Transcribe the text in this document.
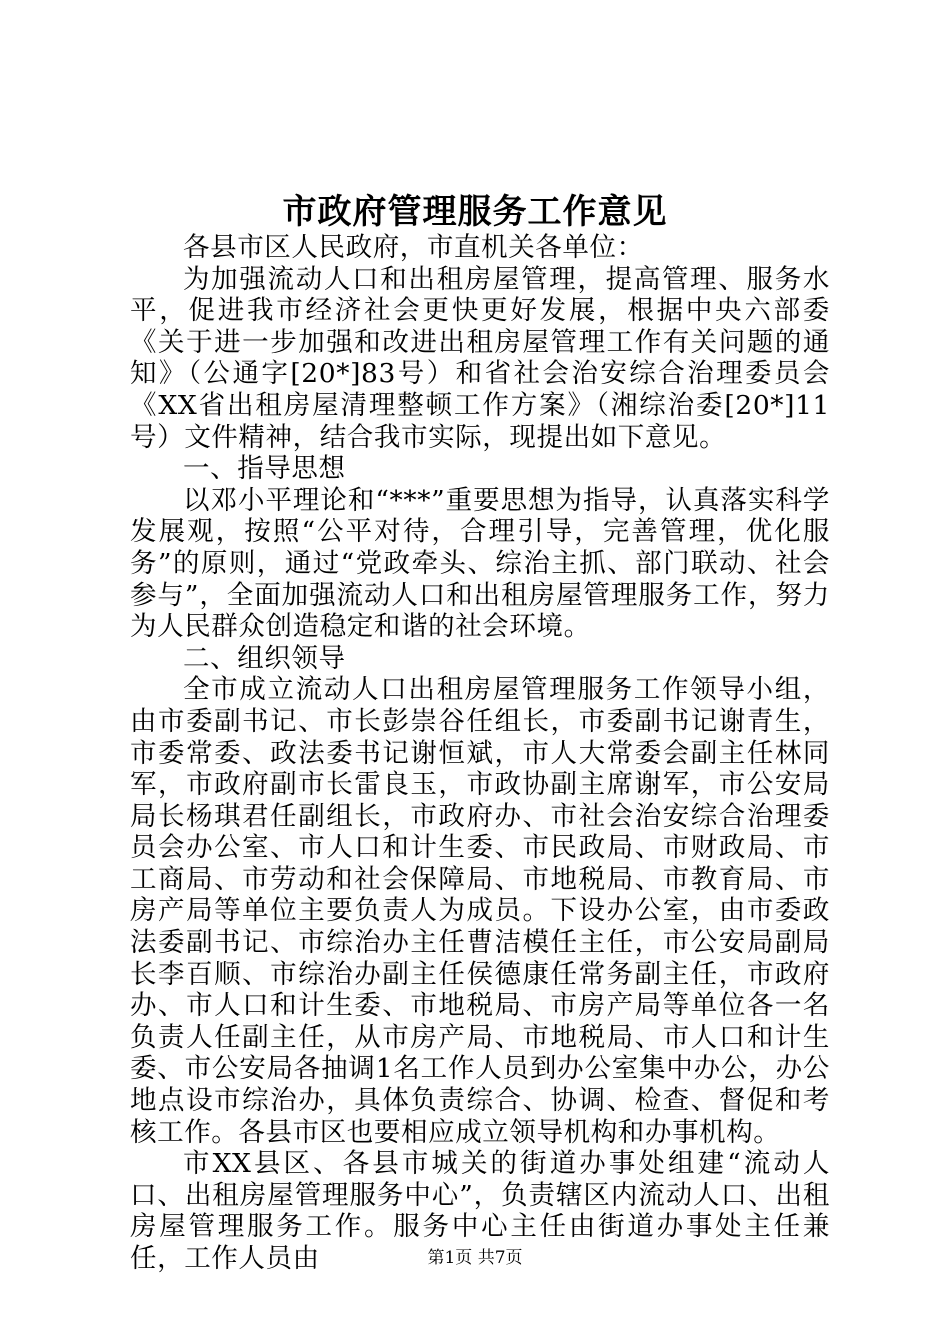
市政府管理服务工作意见

各县市区人民政府，市直机关各单位：

为加强流动人口和出租房屋管理，提高管理、服务水平，促进我市经济社会更快更好发展，根据中央六部委《关于进一步加强和改进出租房屋管理工作有关问题的通知》（公通字[20*]83号）和省社会治安综合治理委员会《XX省出租房屋清理整顿工作方案》（湘综治委[20*]11号）文件精神，结合我市实际，现提出如下意见。

一、指导思想

以邓小平理论和“***”重要思想为指导，认真落实科学发展观，按照“公平对待，合理引导，完善管理，优化服务”的原则，通过“党政牵头、综治主抓、部门联动、社会参与”，全面加强流动人口和出租房屋管理服务工作，努力为人民群众创造稳定和谐的社会环境。

二、组织领导

全市成立流动人口出租房屋管理服务工作领导小组，由市委副书记、市长彭崇谷任组长，市委副书记谢青生，市委常委、政法委书记谢恒斌，市人大常委会副主任林同军，市政府副市长雷良玉，市政协副主席谢军，市公安局局长杨琪君任副组长，市政府办、市社会治安综合治理委员会办公室、市人口和计生委、市民政局、市财政局、市工商局、市劳动和社会保障局、市地税局、市教育局、市房产局等单位主要负责人为成员。下设办公室，由市委政法委副书记、市综治办主任曹洁模任主任，市公安局副局长李百顺、市综治办副主任侯德康任常务副主任，市政府办、市人口和计生委、市地税局、市房产局等单位各一名负责人任副主任，从市房产局、市地税局、市人口和计生委、市公安局各抽调1名工作人员到办公室集中办公，办公地点设市综治办，具体负责综合、协调、检查、督促和考核工作。各县市区也要相应成立领导机构和办事机构。

市XX县区、各县市城关的街道办事处组建“流动人口、出租房屋管理服务中心”，负责辖区内流动人口、出租房屋管理服务工作。服务中心主任由街道办事处主任兼任，工作人员由	第1页 共7页
